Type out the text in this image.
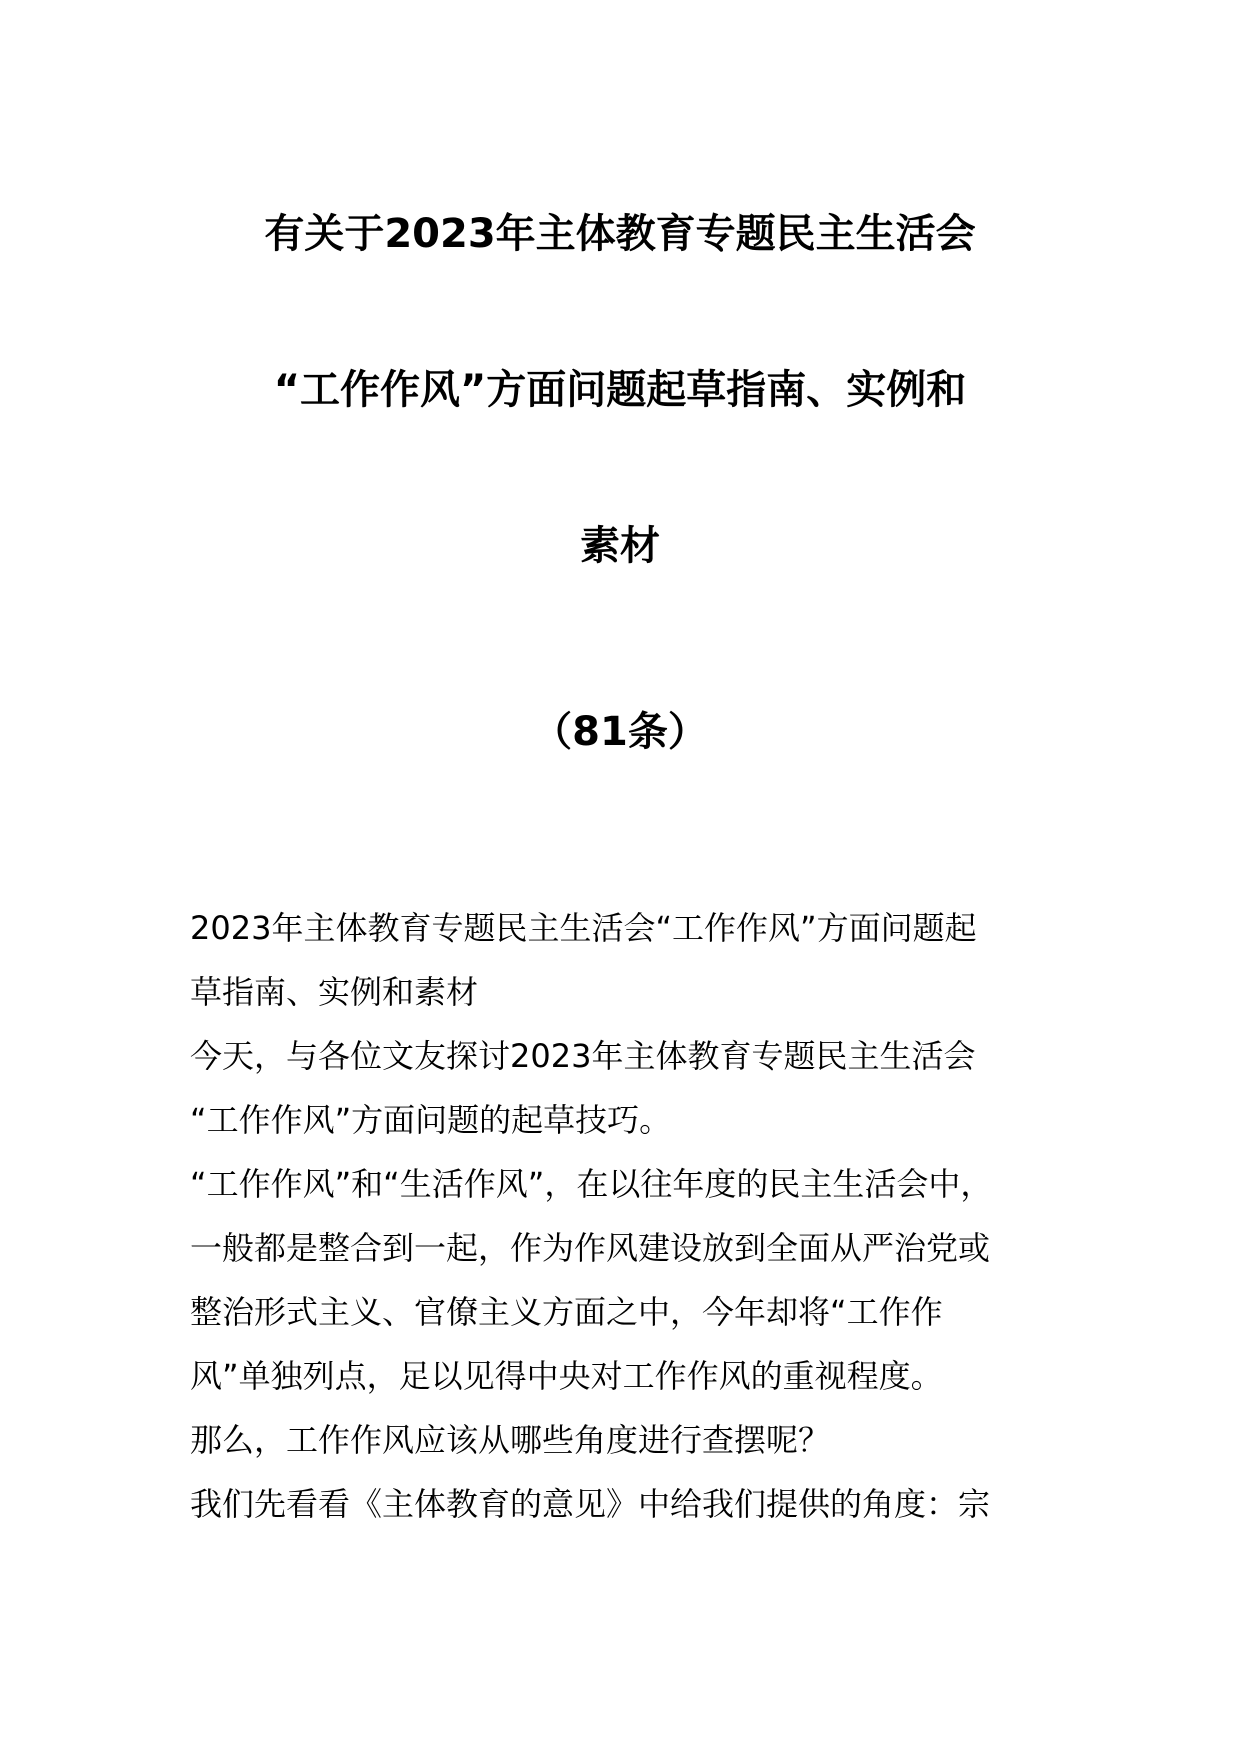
有关于2023年主体教育专题民主生活会
“工作作风”方面问题起草指南、实例和
素材
（81条）
2023年主体教育专题民主生活会“工作作风”方面问题起
草指南、实例和素材
今天，与各位文友探讨2023年主体教育专题民主生活会
“工作作风”方面问题的起草技巧。
“工作作风”和“生活作风”，在以往年度的民主生活会中，
一般都是整合到一起，作为作风建设放到全面从严治党或
整治形式主义、官僚主义方面之中，今年却将“工作作
风”单独列点，足以见得中央对工作作风的重视程度。
那么，工作作风应该从哪些角度进行查摆呢？
我们先看看《主体教育的意见》中给我们提供的角度：宗
